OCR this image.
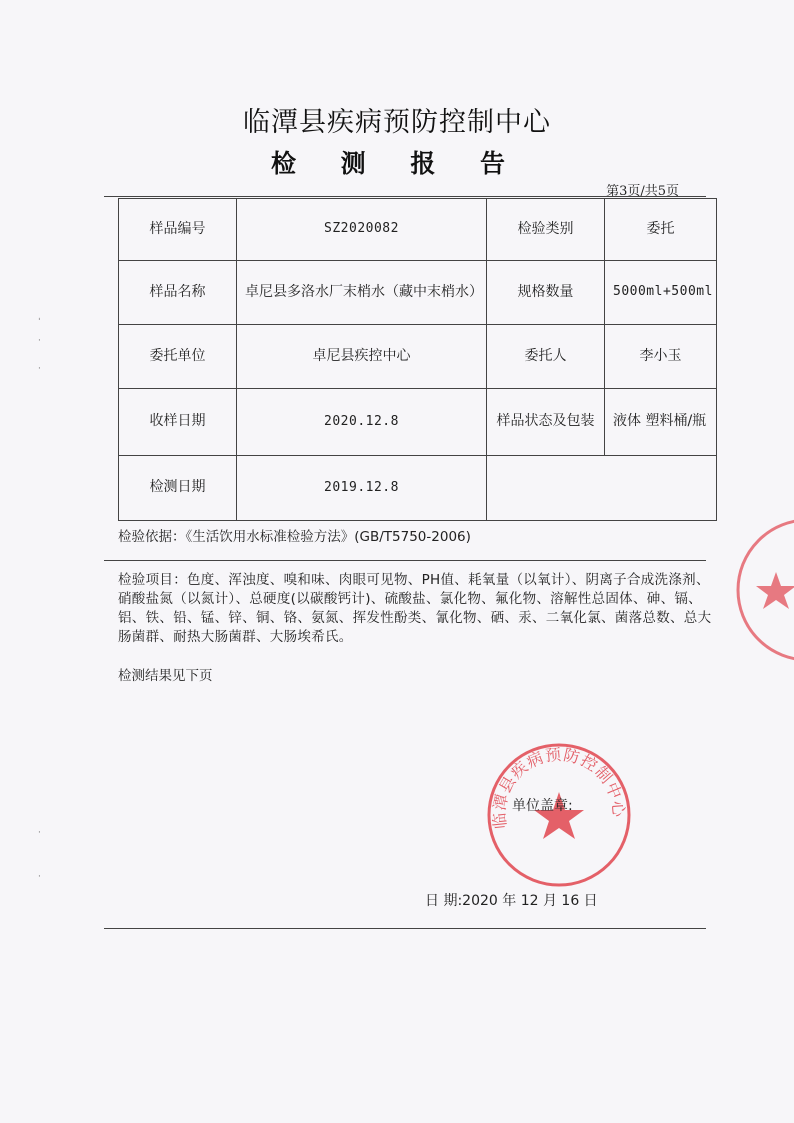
临潭县疾病预防控制中心
检 测 报 告
第3页/共5页
样品编号	SZ2020082	检验类别	委托
样品名称	卓尼县多洛水厂末梢水（藏中末梢水）	规格数量	5000ml+500ml
委托单位	卓尼县疾控中心	委托人	李小玉
收样日期	2020.12.8	样品状态及包装	液体 塑料桶/瓶
检测日期	2019.12.8		
检验依据：《生活饮用水标准检验方法》(GB/T5750-2006)
检验项目：色度、浑浊度、嗅和味、肉眼可见物、PH值、耗氧量（以氧计）、阴离子合成洗涤剂、硝酸盐氮（以氮计）、总硬度(以碳酸钙计)、硫酸盐、氯化物、氟化物、溶解性总固体、砷、镉、铝、铁、铅、锰、锌、铜、铬、氨氮、挥发性酚类、氰化物、硒、汞、二氧化氯、菌落总数、总大肠菌群、耐热大肠菌群、大肠埃希氏。
检测结果见下页
临潭县疾病预防控制中心
单位盖章:
日 期:2020 年 12 月 16 日
ˈ
·
·
·
·
